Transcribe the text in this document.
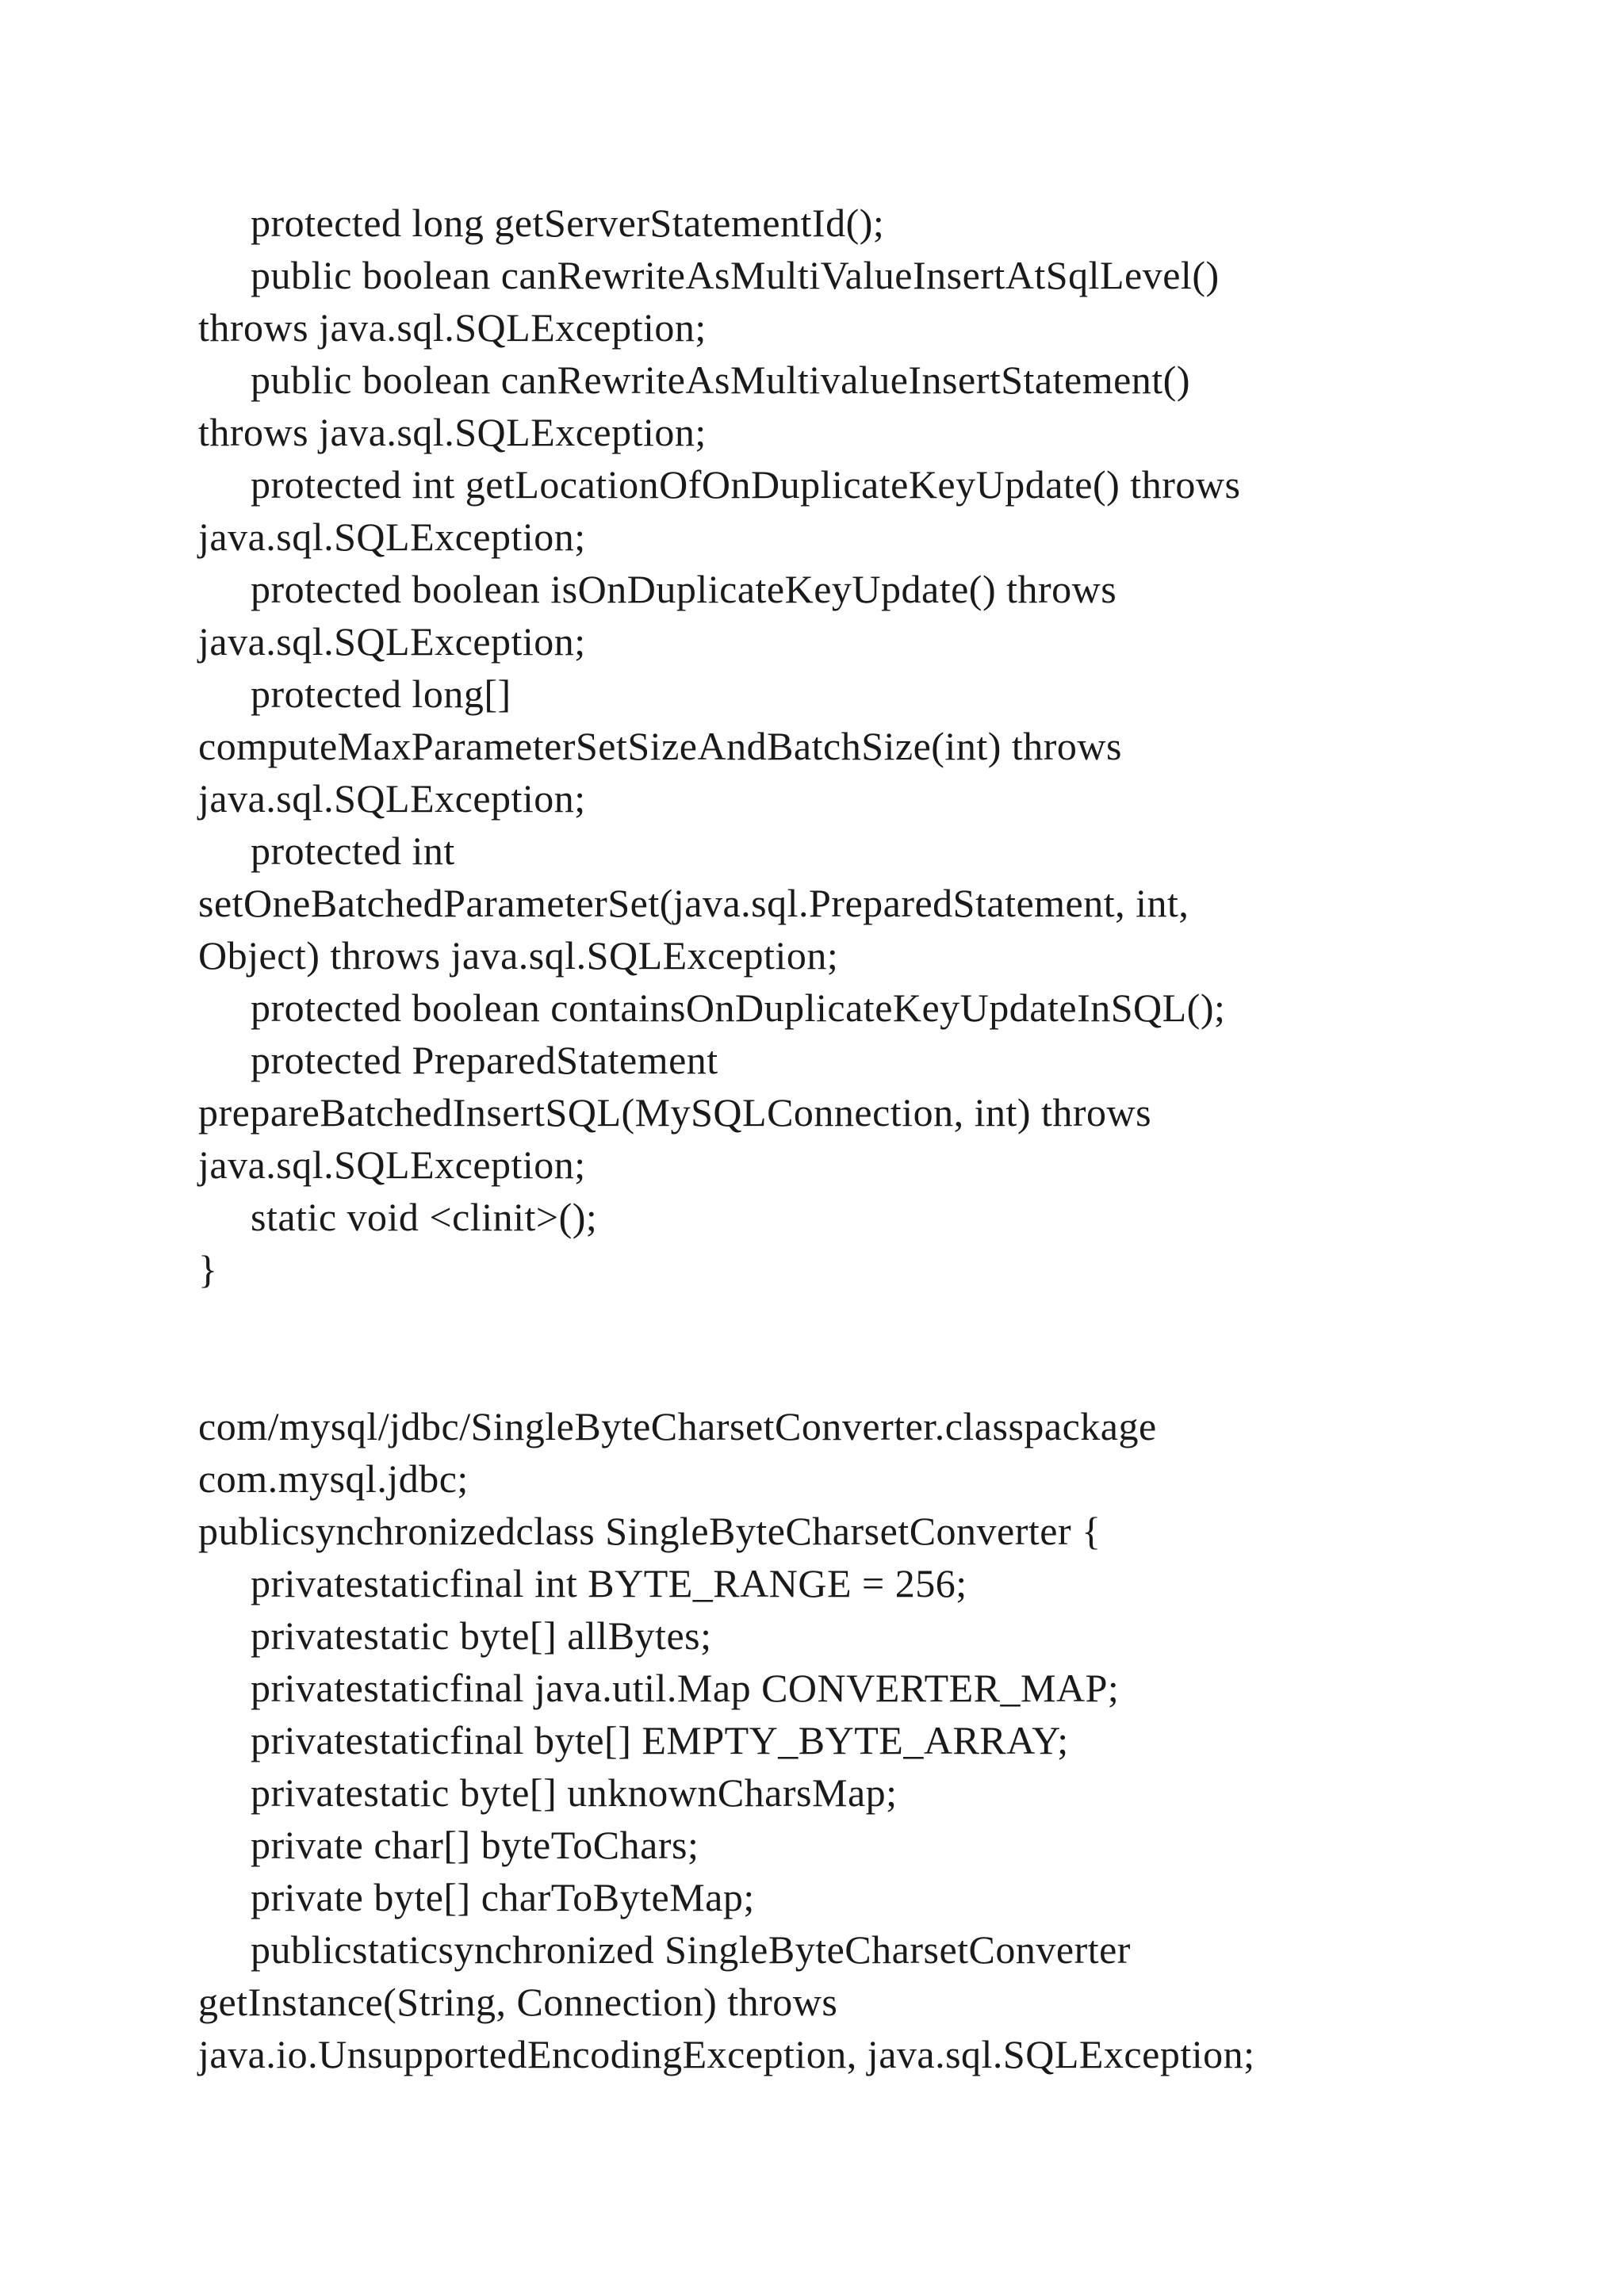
protected long getServerStatementId();
public boolean canRewriteAsMultiValueInsertAtSqlLevel()
throws java.sql.SQLException;
public boolean canRewriteAsMultivalueInsertStatement()
throws java.sql.SQLException;
protected int getLocationOfOnDuplicateKeyUpdate() throws
java.sql.SQLException;
protected boolean isOnDuplicateKeyUpdate() throws
java.sql.SQLException;
protected long[]
computeMaxParameterSetSizeAndBatchSize(int) throws
java.sql.SQLException;
protected int
setOneBatchedParameterSet(java.sql.PreparedStatement, int,
Object) throws java.sql.SQLException;
protected boolean containsOnDuplicateKeyUpdateInSQL();
protected PreparedStatement
prepareBatchedInsertSQL(MySQLConnection, int) throws
java.sql.SQLException;
static void <clinit>();
}
com/mysql/jdbc/SingleByteCharsetConverter.classpackage
com.mysql.jdbc;
publicsynchronizedclass SingleByteCharsetConverter {
privatestaticfinal int BYTE_RANGE = 256;
privatestatic byte[] allBytes;
privatestaticfinal java.util.Map CONVERTER_MAP;
privatestaticfinal byte[] EMPTY_BYTE_ARRAY;
privatestatic byte[] unknownCharsMap;
private char[] byteToChars;
private byte[] charToByteMap;
publicstaticsynchronized SingleByteCharsetConverter
getInstance(String, Connection) throws
java.io.UnsupportedEncodingException, java.sql.SQLException;
